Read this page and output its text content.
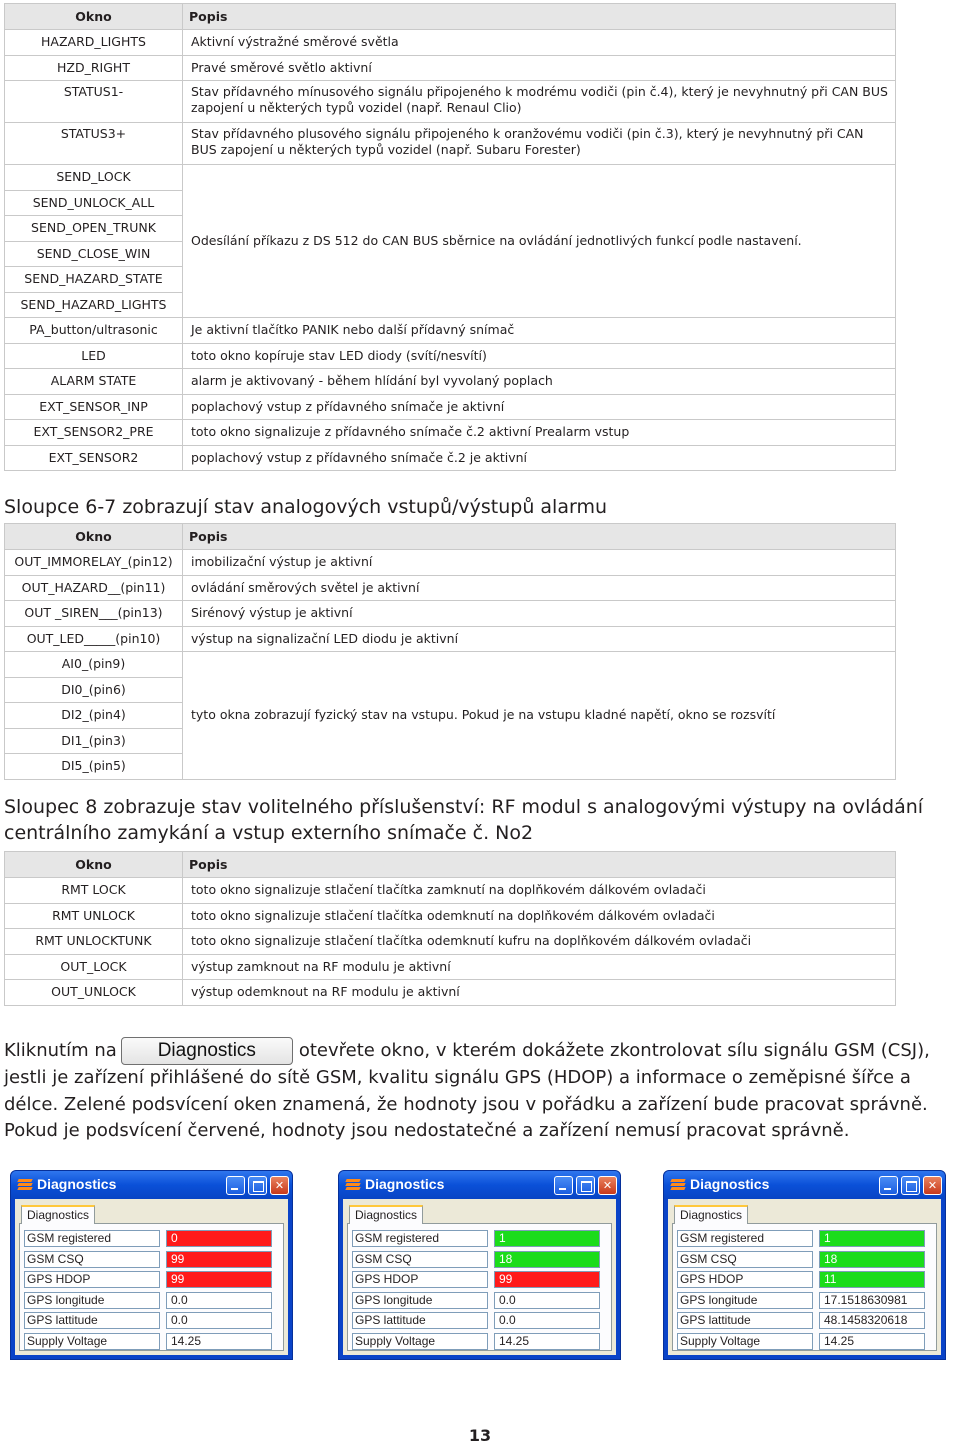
Okno	Popis
HAZARD_LIGHTS	Aktivní výstražné směrové světla
HZD_RIGHT	Pravé směrové světlo aktivní
STATUS1-	Stav přídavného mínusového signálu připojeného k modrému vodiči (pin č.4), který je nevyhnutný při CAN BUS zapojení u některých typů vozidel (např. Renaul Clio)
STATUS3+	Stav přídavného plusového signálu připojeného k oranžovému vodiči (pin č.3), který je nevyhnutný při CAN BUS zapojení u některých typů vozidel (např. Subaru Forester)
SEND_LOCK	Odesílání příkazu z DS 512 do CAN BUS sběrnice na ovládání jednotlivých funkcí podle nastavení.
SEND_UNLOCK_ALL	
SEND_OPEN_TRUNK	
SEND_CLOSE_WIN	
SEND_HAZARD_STATE	
SEND_HAZARD_LIGHTS	
PA_button/ultrasonic	Je aktivní tlačítko PANIK nebo další přídavný snímač
LED	toto okno kopíruje stav LED diody (svítí/nesvítí)
ALARM STATE	alarm je aktivovaný - během hlídání byl vyvolaný poplach
EXT_SENSOR_INP	poplachový vstup z přídavného snímače je aktivní
EXT_SENSOR2_PRE	toto okno signalizuje z přídavného snímače č.2 aktivní Prealarm vstup
EXT_SENSOR2	poplachový vstup z přídavného snímače č.2 je aktivní
Sloupce 6-7 zobrazují stav analogových vstupů/výstupů alarmu
Okno	Popis
OUT_IMMORELAY_(pin12)	imobilizační výstup je aktivní
OUT_HAZARD__(pin11)	ovládání směrových světel je aktivní
OUT _SIREN___(pin13)	Sirénový výstup je aktivní
OUT_LED_____(pin10)	výstup na signalizační LED diodu je aktivní
AI0_(pin9)	tyto okna zobrazují fyzický stav na vstupu. Pokud je na vstupu kladné napětí, okno se rozsvítí
DI0_(pin6)	
DI2_(pin4)	
DI1_(pin3)	
DI5_(pin5)	
Sloupec 8 zobrazuje stav volitelného příslušenství: RF modul s analogovými výstupy na ovládání centrálního zamykání a vstup externího snímače č. No2
Okno	Popis
RMT LOCK	toto okno signalizuje stlačení tlačítka zamknutí na doplňkovém dálkovém ovladači
RMT UNLOCK	toto okno signalizuje stlačení tlačítka odemknutí na doplňkovém dálkovém ovladači
RMT UNLOCKTUNK	toto okno signalizuje stlačení tlačítka odemknutí kufru na doplňkovém dálkovém ovladači
OUT_LOCK	výstup zamknout na RF modulu je aktivní
OUT_UNLOCK	výstup odemknout na RF modulu je aktivní
Kliknutím na Diagnostics otevřete okno, v kterém dokážete zkontrolovat sílu signálu GSM (CSJ), jestli je zařízení přihlášené do sítě GSM, kvalitu signálu GPS (HDOP) a informace o zeměpisné šířce a délce. Zelené podsvícení oken znamená, že hodnoty jsou v pořádku a zařízení bude pracovat správně. Pokud je podsvícení červené, hodnoty jsou nedostatečné a zařízení nemusí pracovat správně.
Diagnostics	✕
Diagnostics
GSM registered	0
GSM CSQ	99
GPS HDOP	99
GPS longitude	0.0
GPS lattitude	0.0
Supply Voltage	14.25
Diagnostics	✕
Diagnostics
GSM registered	1
GSM CSQ	18
GPS HDOP	99
GPS longitude	0.0
GPS lattitude	0.0
Supply Voltage	14.25
Diagnostics	✕
Diagnostics
GSM registered	1
GSM CSQ	18
GPS HDOP	11
GPS longitude	17.1518630981
GPS lattitude	48.1458320618
Supply Voltage	14.25
13
